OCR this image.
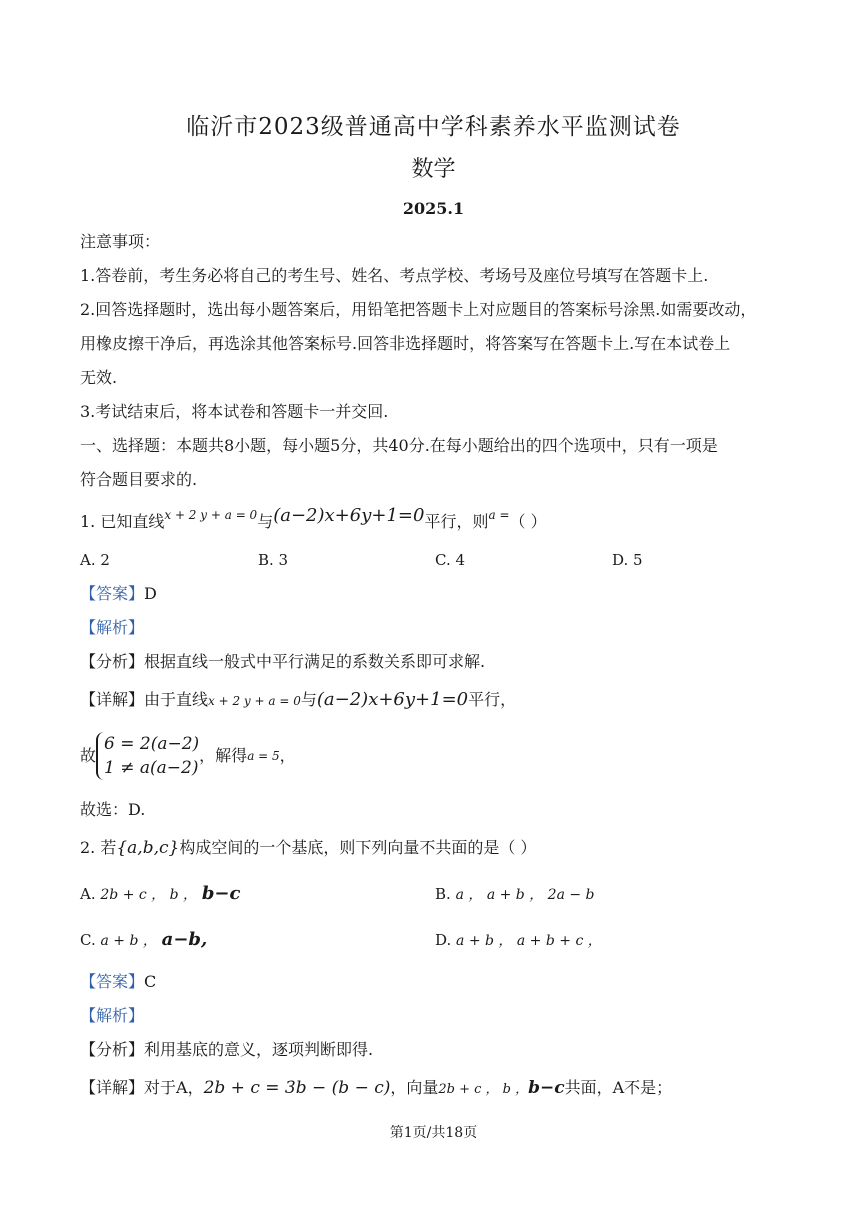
临沂市2023级普通高中学科素养水平监测试卷
数学
2025.1
注意事项：
1.答卷前，考生务必将自己的考生号、姓名、考点学校、考场号及座位号填写在答题卡上.
2.回答选择题时，选出每小题答案后，用铅笔把答题卡上对应题目的答案标号涂黑.如需要改动，
用橡皮擦干净后，再选涂其他答案标号.回答非选择题时，将答案写在答题卡上.写在本试卷上
无效.
3.考试结束后，将本试卷和答题卡一并交回.
一、选择题：本题共8小题，每小题5分，共40分.在每小题给出的四个选项中，只有一项是
符合题目要求的.
1. 已知直线$^{x + 2 y + a = 0}$与(a−2)x+6y+1=0平行，则$^{a =}$（ ）
A. 2	B. 3	C. 4	D. 5
【答案】D
【解析】
【分析】根据直线一般式中平行满足的系数关系即可求解.
【详解】由于直线x + 2 y + a = 0与(a−2)x+6y+1=0平行，
故
6 = 2(a−2)
1 ≠ a(a−2)
，解得a = 5，
故选：D.
2. 若{a,b,c}构成空间的一个基底，则下列向量不共面的是（ ）
A. 2b + c ， b ， b−c	B. a ， a + b ， 2a − b
C. a + b ， a−b,	D. a + b ， a + b + c ，
【答案】C
【解析】
【分析】利用基底的意义，逐项判断即得.
【详解】对于A，2b + c = 3b − (b − c)，向量2b + c ， b ，b−c共面，A不是；
第1页/共18页
